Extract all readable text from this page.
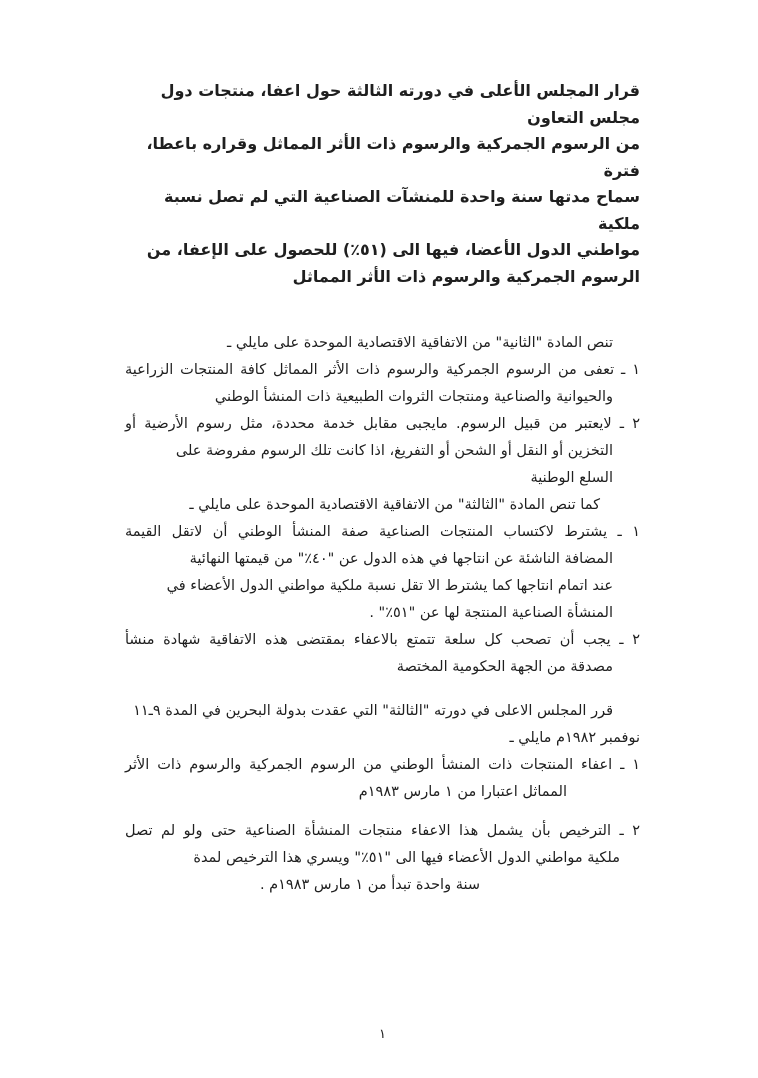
قرار المجلس الأعلى في دورته الثالثة حول اعفا، منتجات دول مجلس التعاون
من الرسوم الجمركية والرسوم ذات الأثر المماثل وقراره باعطا، فترة
سماح مدتها سنة واحدة للمنشآت الصناعية التي لم تصل نسبة ملكية
مواطني الدول الأعضا، فيها الى (٥١٪) للحصول على الإعفا، من
الرسوم الجمركية والرسوم ذات الأثر المماثل
تنص المادة "الثانية" من الاتفاقية الاقتصادية الموحدة على مايلي ـ
١ ـ تعفى من الرسوم الجمركية والرسوم ذات الأثر المماثل كافة المنتجات الزراعية
والحيوانية والصناعية ومنتجات الثروات الطبيعية ذات المنشأ الوطني
٢ ـ لايعتبر من قبيل الرسوم. مايجبى مقابل خدمة محددة، مثل رسوم الأرضية أو
التخزين أو النقل أو الشحن أو التفريغ، اذا كانت تلك الرسوم مفروضة على
السلع الوطنية
كما تنص المادة "الثالثة" من الاتفاقية الاقتصادية الموحدة على مايلي ـ
١ ـ يشترط لاكتساب المنتجات الصناعية صفة المنشأ الوطني أن لاتقل القيمة
المضافة الناشئة عن انتاجها في هذه الدول عن "٤٠٪" من قيمتها النهائية
عند اتمام انتاجها كما يشترط الا تقل نسبة ملكية مواطني الدول الأعضاء في
المنشأة الصناعية المنتجة لها عن "٥١٪" .
٢ ـ يجب أن تصحب كل سلعة تتمتع بالاعفاء بمقتضى هذه الاتفاقية شهادة منشأ
مصدقة من الجهة الحكومية المختصة
قرر المجلس الاعلى في دورته "الثالثة" التي عقدت بدولة البحرين في المدة ٩ـ١١
نوفمبر ١٩٨٢م مايلي ـ
١ ـ اعفاء المنتجات ذات المنشأ الوطني من الرسوم الجمركية والرسوم ذات الأثر
المماثل اعتبارا من ١ مارس ١٩٨٣م
٢ ـ الترخيص بأن يشمل هذا الاعفاء منتجات المنشأة الصناعية حتى ولو لم تصل
ملكية مواطني الدول الأعضاء فيها الى "٥١٪" ويسري هذا الترخيص لمدة
سنة واحدة تبدأ من ١ مارس ١٩٨٣م .
١
